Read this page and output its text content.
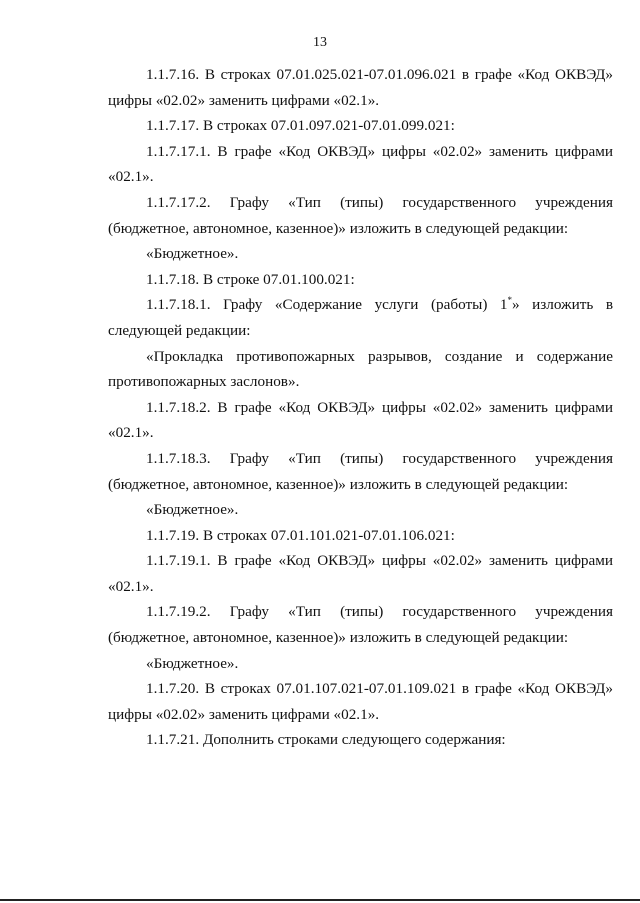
13

1.1.7.16. В строках 07.01.025.021-07.01.096.021 в графе «Код ОКВЭД» цифры «02.02» заменить цифрами «02.1».

1.1.7.17. В строках 07.01.097.021-07.01.099.021:

1.1.7.17.1. В графе «Код ОКВЭД» цифры «02.02» заменить цифрами «02.1».

1.1.7.17.2. Графу «Тип (типы) государственного учреждения (бюджетное, автономное, казенное)» изложить в следующей редакции:

«Бюджетное».

1.1.7.18. В строке 07.01.100.021:

1.1.7.18.1. Графу «Содержание услуги (работы) 1*» изложить в следующей редакции:

«Прокладка противопожарных разрывов, создание и содержание противопожарных заслонов».

1.1.7.18.2. В графе «Код ОКВЭД» цифры «02.02» заменить цифрами «02.1».

1.1.7.18.3. Графу «Тип (типы) государственного учреждения (бюджетное, автономное, казенное)» изложить в следующей редакции:

«Бюджетное».

1.1.7.19. В строках 07.01.101.021-07.01.106.021:

1.1.7.19.1. В графе «Код ОКВЭД» цифры «02.02» заменить цифрами «02.1».

1.1.7.19.2. Графу «Тип (типы) государственного учреждения (бюджетное, автономное, казенное)» изложить в следующей редакции:

«Бюджетное».

1.1.7.20. В строках 07.01.107.021-07.01.109.021 в графе «Код ОКВЭД» цифры «02.02» заменить цифрами «02.1».

1.1.7.21. Дополнить строками следующего содержания:
